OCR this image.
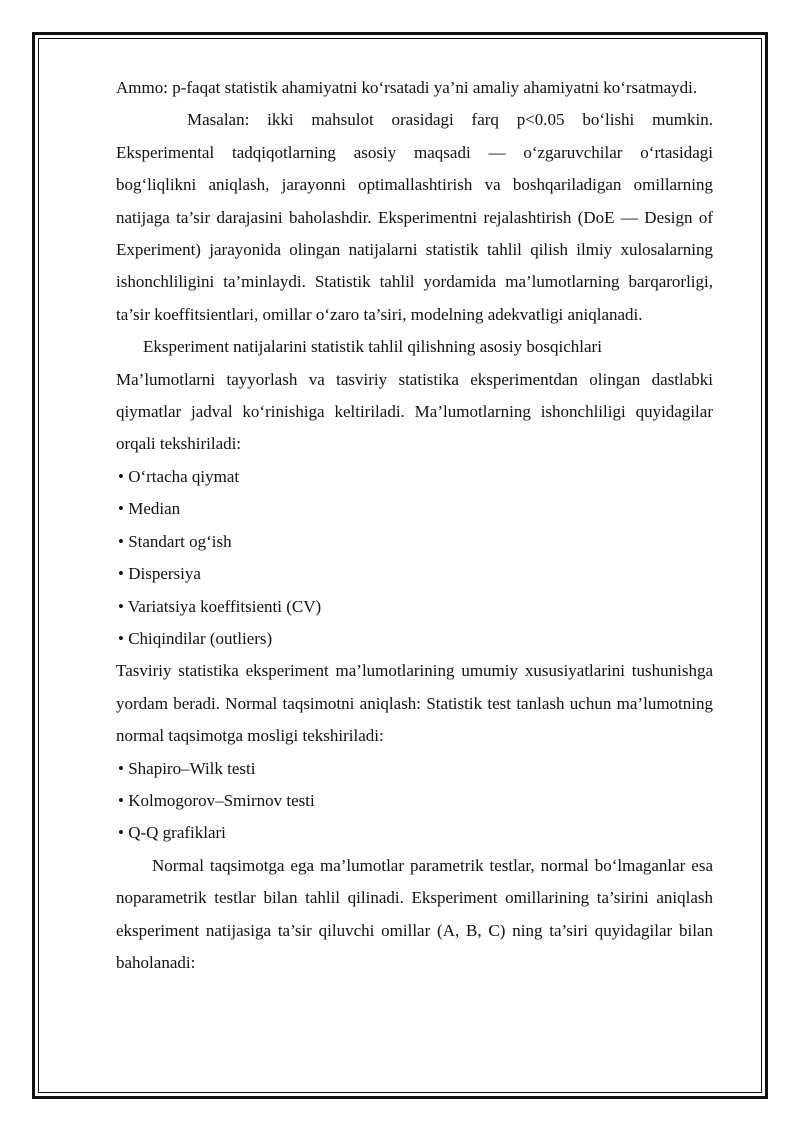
Ammo: p-faqat statistik ahamiyatni ko‘rsatadi ya’ni amaliy ahamiyatni ko‘rsatmaydi.

Masalan: ikki mahsulot orasidagi farq p<0.05 bo‘lishi mumkin. Eksperimental tadqiqotlarning asosiy maqsadi — o‘zgaruvchilar o‘rtasidagi bog‘liqlikni aniqlash, jarayonni optimallashtirish va boshqariladigan omillarning natijaga ta’sir darajasini baholashdir. Eksperimentni rejalashtirish (DoE — Design of Experiment) jarayonida olingan natijalarni statistik tahlil qilish ilmiy xulosalarning ishonchliligini ta’minlaydi. Statistik tahlil yordamida ma’lumotlarning barqarorligi, ta’sir koeffitsientlari, omillar o‘zaro ta’siri, modelning adekvatligi aniqlanadi.

Eksperiment natijalarini statistik tahlil qilishning asosiy bosqichlari

Ma’lumotlarni tayyorlash va tasviriy statistika eksperimentdan olingan dastlabki qiymatlar jadval ko‘rinishiga keltiriladi. Ma’lumotlarning ishonchliligi quyidagilar orqali tekshiriladi:

• O‘rtacha qiymat

• Median

• Standart og‘ish

• Dispersiya

• Variatsiya koeffitsienti (CV)

• Chiqindilar (outliers)

Tasviriy statistika eksperiment ma’lumotlarining umumiy xususiyatlarini tushunishga yordam beradi. Normal taqsimotni aniqlash: Statistik test tanlash uchun ma’lumotning normal taqsimotga mosligi tekshiriladi:

• Shapiro–Wilk testi

• Kolmogorov–Smirnov testi

• Q-Q grafiklari

Normal taqsimotga ega ma’lumotlar parametrik testlar, normal bo‘lmaganlar esa noparametrik testlar bilan tahlil qilinadi. Eksperiment omillarining ta’sirini aniqlash eksperiment natijasiga ta’sir qiluvchi omillar (A, B, C) ning ta’siri quyidagilar bilan baholanadi:
